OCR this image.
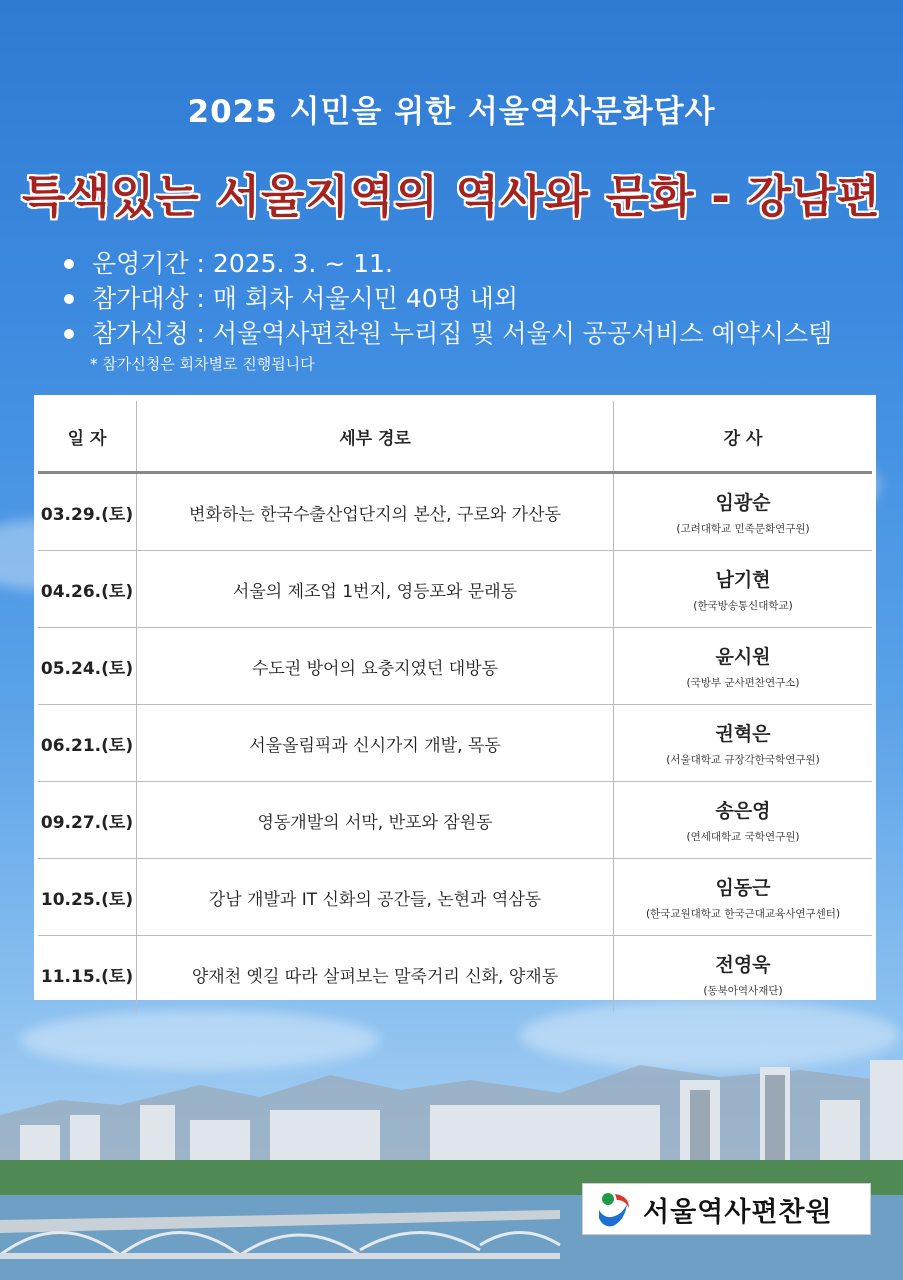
2025 시민을 위한 서울역사문화답사
특색있는 서울지역의 역사와 문화 - 강남편
운영기간 : 2025. 3. ~ 11.
참가대상 : 매 회차 서울시민 40명 내외
참가신청 : 서울역사편찬원 누리집 및 서울시 공공서비스 예약시스템
* 참가신청은 회차별로 진행됩니다
일 자	세부 경로	강 사
03.29.(토)	변화하는 한국수출산업단지의 본산, 구로와 가산동	임광순
(고려대학교 민족문화연구원)

04.26.(토)	서울의 제조업 1번지, 영등포와 문래동	남기현
(한국방송통신대학교)

05.24.(토)	수도권 방어의 요충지였던 대방동	윤시원
(국방부 군사편찬연구소)

06.21.(토)	서울올림픽과 신시가지 개발, 목동	권혁은
(서울대학교 규장각한국학연구원)

09.27.(토)	영동개발의 서막, 반포와 잠원동	송은영
(연세대학교 국학연구원)

10.25.(토)	강남 개발과 IT 신화의 공간들, 논현과 역삼동	임동근
(한국교원대학교 한국근대교육사연구센터)

11.15.(토)	양재천 옛길 따라 살펴보는 말죽거리 신화, 양재동	전영욱
(동북아역사재단)
서울역사편찬원
